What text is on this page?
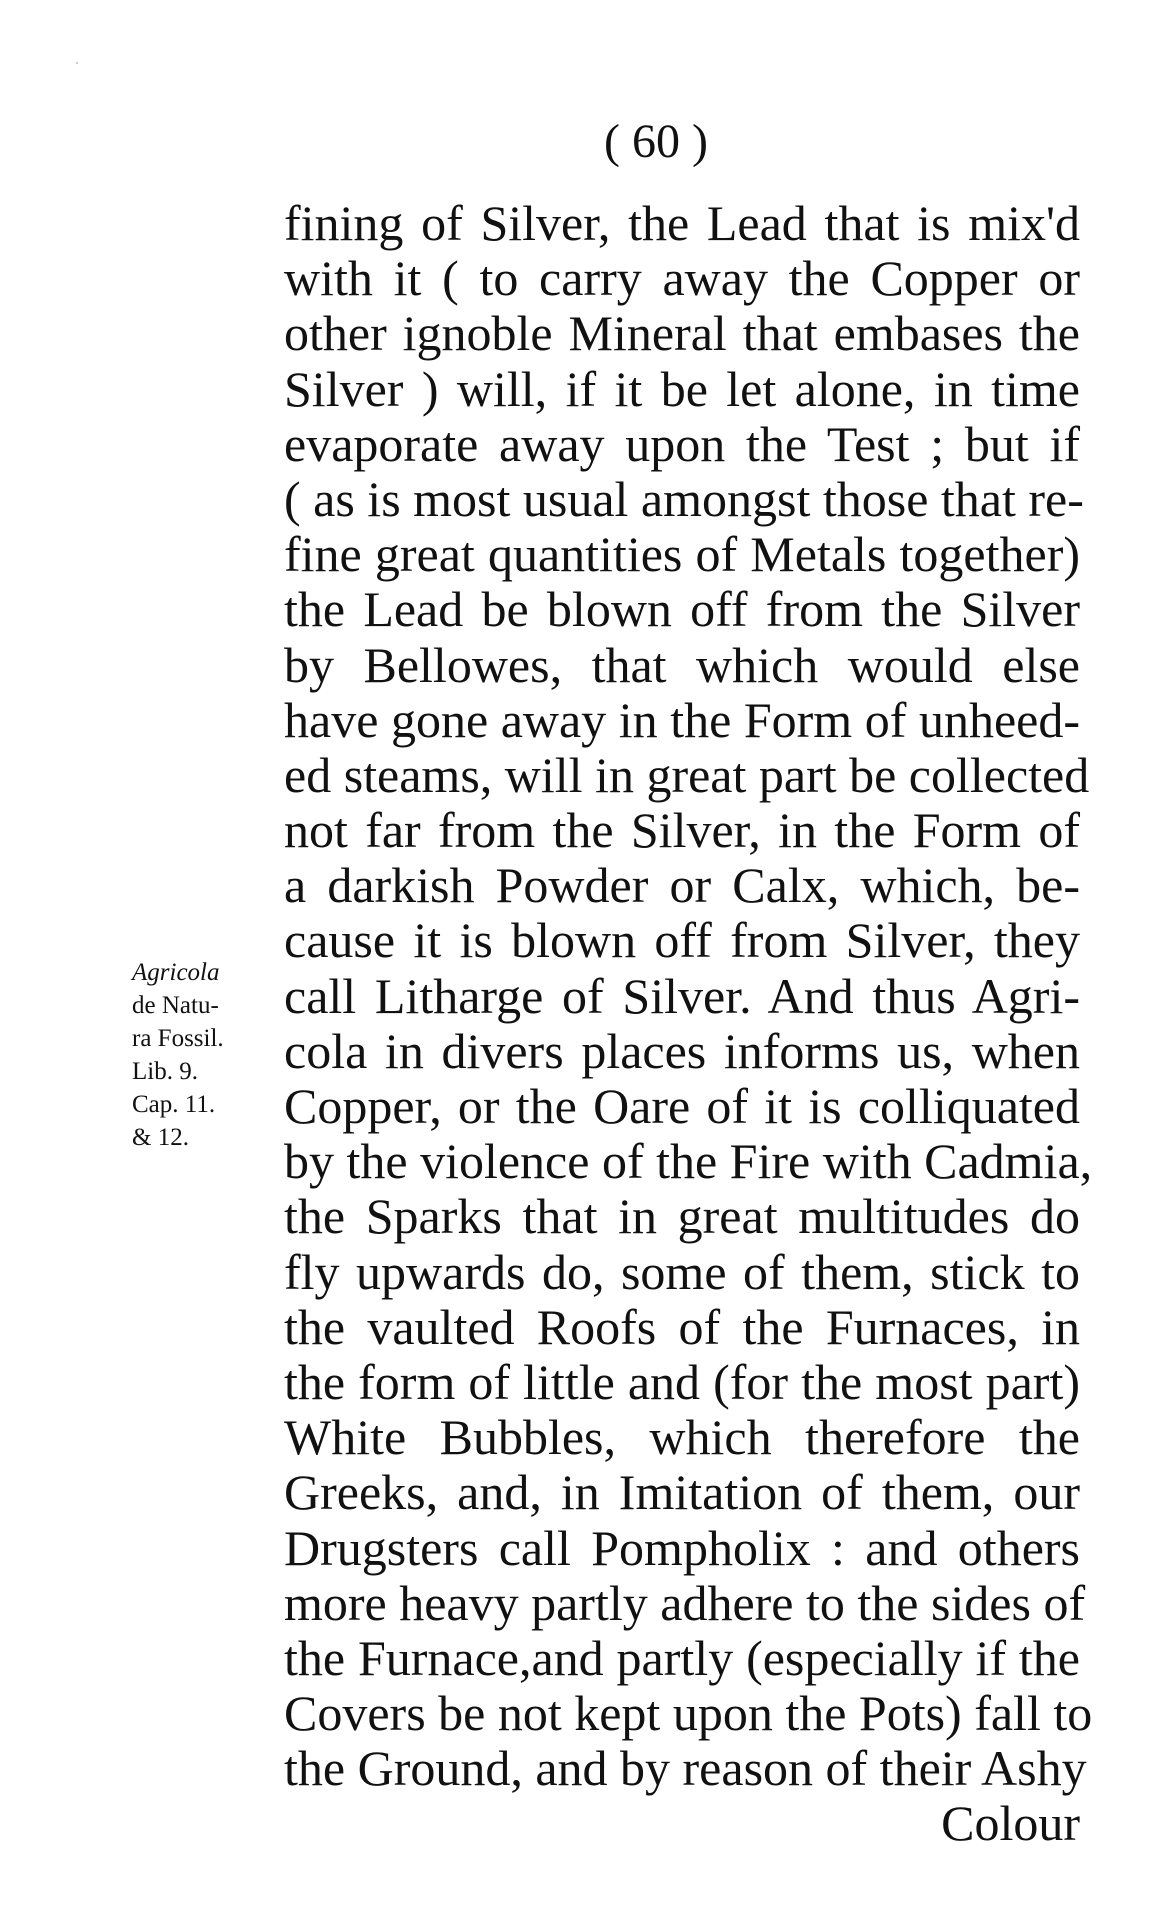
( 60 )
fining of Silver, the Lead that is mix'd
with it ( to carry away the Copper or
other ignoble Mineral that embases the
Silver ) will, if it be let alone, in time
evaporate away upon the Test ; but if
( as is most usual amongst those that re-
fine great quantities of Metals together)
the Lead be blown off from the Silver
by Bellowes, that which would else
have gone away in the Form of unheed-
ed steams, will in great part be collected
not far from the Silver, in the Form of
a darkish Powder or Calx, which, be-
cause it is blown off from Silver, they
call Litharge of Silver. And thus Agri-
cola in divers places informs us, when
Copper, or the Oare of it is colliquated
by the violence of the Fire with Cadmia,
the Sparks that in great multitudes do
fly upwards do, some of them, stick to
the vaulted Roofs of the Furnaces, in
the form of little and (for the most part)
White Bubbles, which therefore the
Greeks, and, in Imitation of them, our
Drugsters call Pompholix : and others
more heavy partly adhere to the sides of
the Furnace,and partly (especially if the
Covers be not kept upon the Pots) fall to
the Ground, and by reason of their Ashy
Colour
Agricola
de Natu-
ra Fossil.
Lib. 9.
Cap. 11.
& 12.
